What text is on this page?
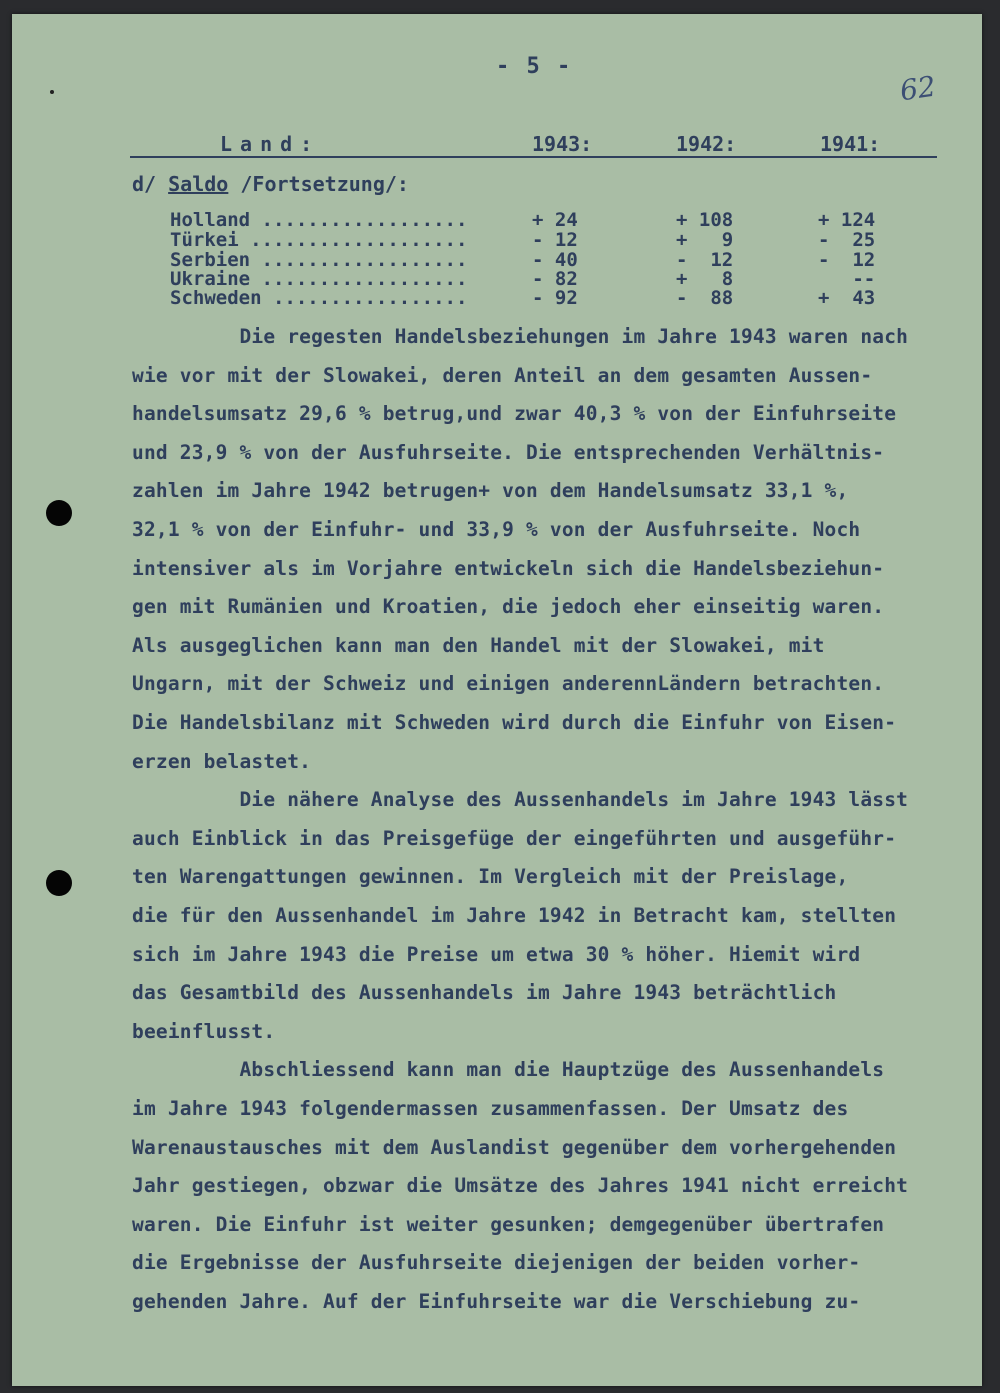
- 5 -
62
Land:	1943:	1942:	1941:
d/ Saldo /Fortsetzung/:
Holland ..................	+ 24	+ 108	+ 124
Türkei ...................	- 12	+   9	-  25
Serbien ..................	- 40	-  12	-  12
Ukraine ..................	- 82	+   8	--
Schweden .................	- 92	-  88	+  43
Die regesten Handelsbeziehungen im Jahre 1943 waren nach
wie vor mit der Slowakei, deren Anteil an dem gesamten Aussen-
handelsumsatz 29,6 % betrug,und zwar 40,3 % von der Einfuhrseite
und 23,9 % von der Ausfuhrseite. Die entsprechenden Verhältnis-
zahlen im Jahre 1942 betrugen+ von dem Handelsumsatz 33,1 %,
32,1 % von der Einfuhr- und 33,9 % von der Ausfuhrseite. Noch
intensiver als im Vorjahre entwickeln sich die Handelsbeziehun-
gen mit Rumänien und Kroatien, die jedoch eher einseitig waren.
Als ausgeglichen kann man den Handel mit der Slowakei, mit
Ungarn, mit der Schweiz und einigen anderennLändern betrachten.
Die Handelsbilanz mit Schweden wird durch die Einfuhr von Eisen-
erzen belastet.
Die nähere Analyse des Aussenhandels im Jahre 1943 lässt
auch Einblick in das Preisgefüge der eingeführten und ausgeführ-
ten Warengattungen gewinnen. Im Vergleich mit der Preislage,
die für den Aussenhandel im Jahre 1942 in Betracht kam, stellten
sich im Jahre 1943 die Preise um etwa 30 % höher. Hiemit wird
das Gesamtbild des Aussenhandels im Jahre 1943 beträchtlich
beeinflusst.
Abschliessend kann man die Hauptzüge des Aussenhandels
im Jahre 1943 folgendermassen zusammenfassen. Der Umsatz des
Warenaustausches mit dem Auslandist gegenüber dem vorhergehenden
Jahr gestiegen, obzwar die Umsätze des Jahres 1941 nicht erreicht
waren. Die Einfuhr ist weiter gesunken; demgegenüber übertrafen
die Ergebnisse der Ausfuhrseite diejenigen der beiden vorher-
gehenden Jahre. Auf der Einfuhrseite war die Verschiebung zu-
